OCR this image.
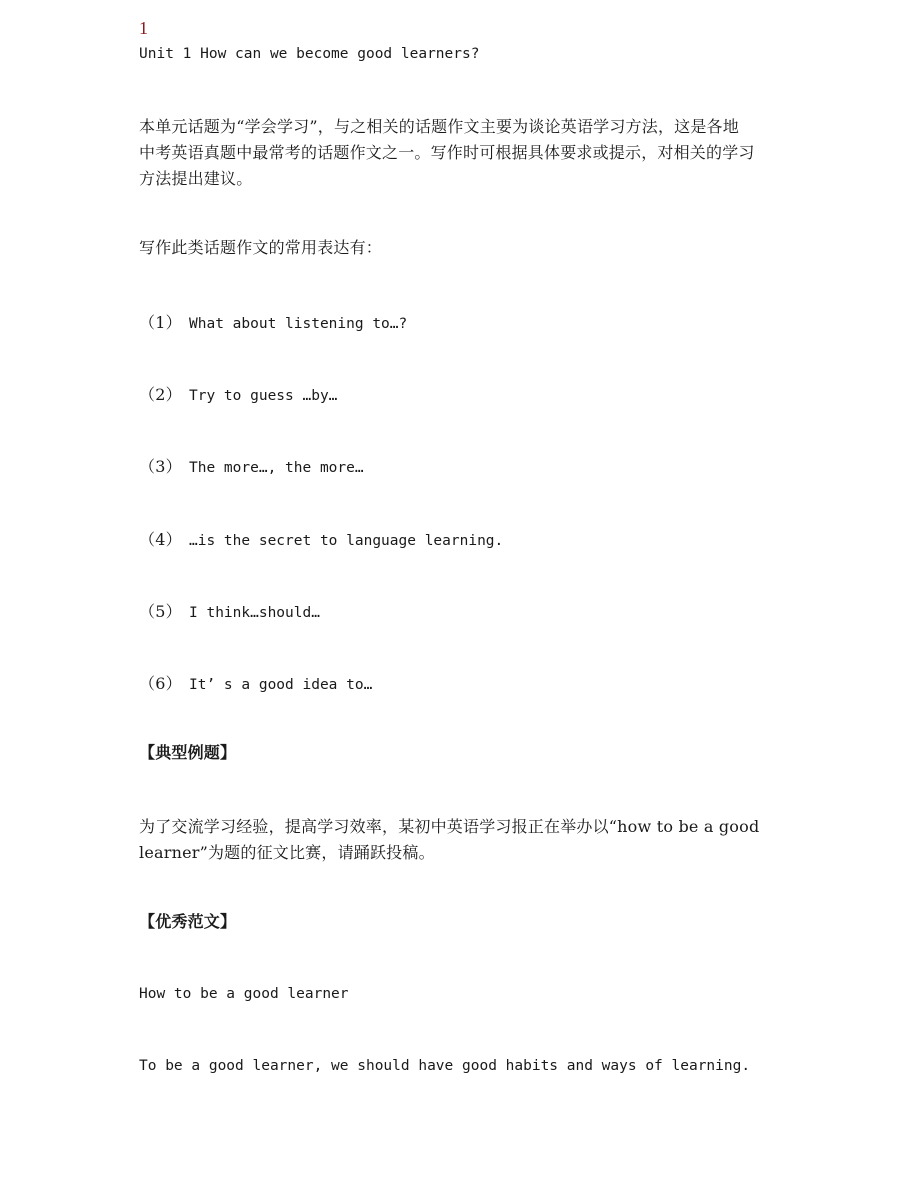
1
Unit 1 How can we become good learners?
本单元话题为“学会学习”，与之相关的话题作文主要为谈论英语学习方法，这是各地
中考英语真题中最常考的话题作文之一。写作时可根据具体要求或提示，对相关的学习
方法提出建议。
写作此类话题作文的常用表达有：
（1） What about listening to…?
（2） Try to guess …by…
（3） The more…, the more…
（4） …is the secret to language learning.
（5） I think…should…
（6） It’ s a good idea to…
【典型例题】
为了交流学习经验，提高学习效率，某初中英语学习报正在举办以“how to be a good
learner”为题的征文比赛，请踊跃投稿。
【优秀范文】
How to be a good learner
To be a good learner, we should have good habits and ways of learning.
